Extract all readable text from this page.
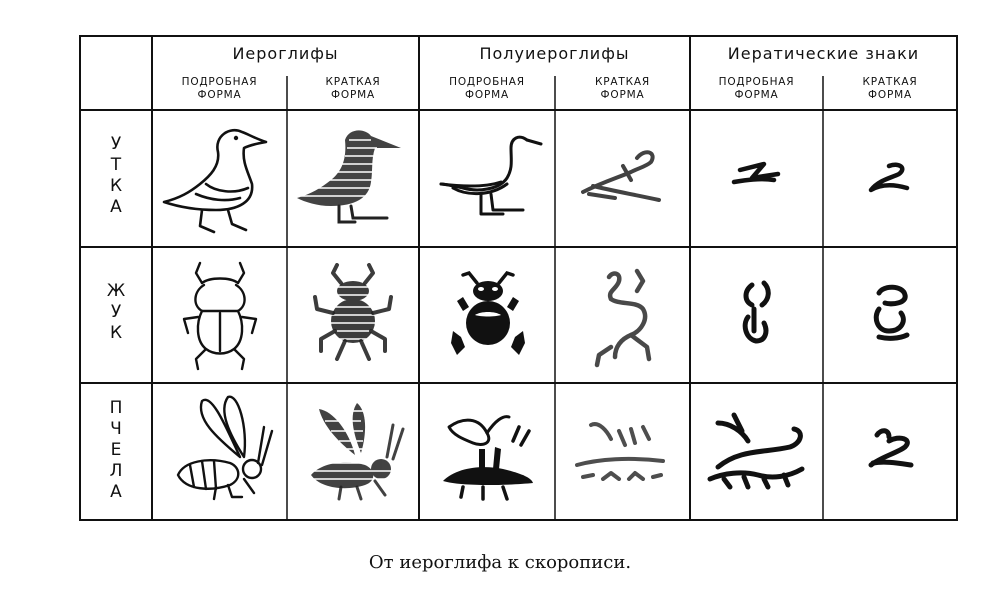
Иероглифы	Полуиероглифы	Иератические знаки
ПОДРОБНАЯ
ФОРМА
КРАТКАЯ
ФОРМА
ПОДРОБНАЯ
ФОРМА
КРАТКАЯ
ФОРМА
ПОДРОБНАЯ
ФОРМА
КРАТКАЯ
ФОРМА
У
Т
К
А
Ж
У
К
П
Ч
Е
Л
А
От иероглифа к скорописи.
